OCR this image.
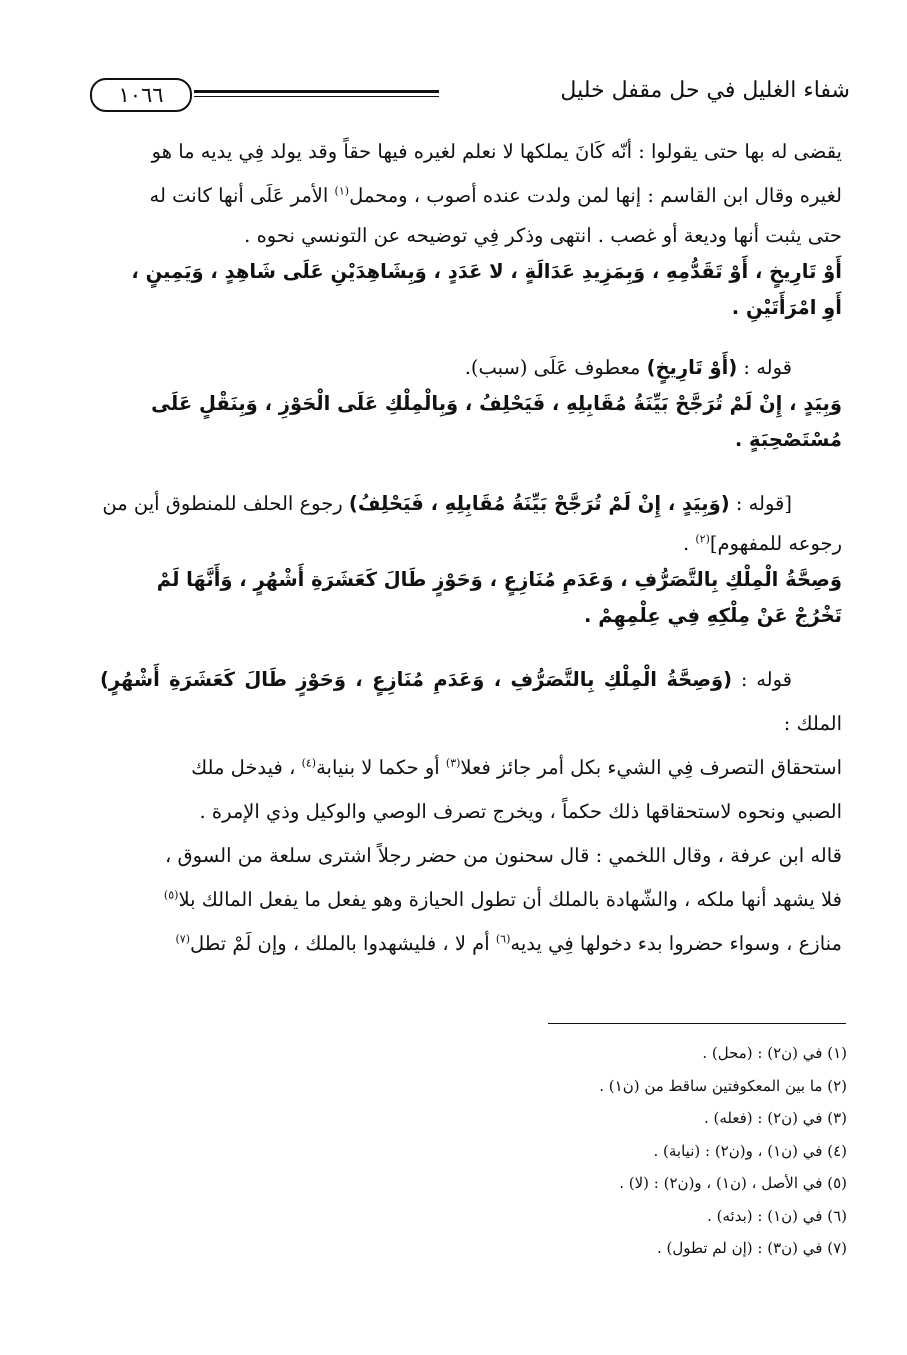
١٠٦٦	شفاء الغليل في حل مقفل خليل

يقضى له بها حتى يقولوا : أنّه كَانَ يملكها لا نعلم لغيره فيها حقاً وقد يولد فِي يديه ما هو

لغيره وقال ابن القاسم : إنها لمن ولدت عنده أصوب ، ومحمل$^{(١)}$ الأمر عَلَى أنها كانت له

حتى يثبت أنها وديعة أو غصب . انتهى وذكر فِي توضيحه عن التونسي نحوه .

أَوْ تَارِيخٍ ، أَوْ تَقَدُّمِهِ ، وَبِمَزِيدِ عَدَالَةٍ ، لا عَدَدٍ ، وَبِشَاهِدَيْنِ عَلَى شَاهِدٍ ، وَيَمِينٍ ،

أَوِ امْرَأَتَيْنِ .

قوله : (أَوْ تَارِيخٍ) معطوف عَلَى (سبب).

وَبِيَدٍ ، إِنْ لَمْ تُرَجَّحْ بَيِّنَةُ مُقَابِلِهِ ، فَيَحْلِفُ ، وَبِالْمِلْكِ عَلَى الْحَوْزِ ، وَبِنَقْلٍ عَلَى

مُسْتَصْحِبَةٍ .

[قوله : (وَبِيَدٍ ، إِنْ لَمْ تُرَجَّحْ بَيِّنَةُ مُقَابِلِهِ ، فَيَحْلِفُ) رجوع الحلف للمنطوق أين من

رجوعه للمفهوم]$^{(٢)}$ .

وَصِحَّةُ الْمِلْكِ بِالتَّصَرُّفِ ، وَعَدَمِ مُنَازِعٍ ، وَحَوْزٍ طَالَ كَعَشَرَةِ أَشْهُرٍ ، وَأَنَّهَا لَمْ

تَخْرُجْ عَنْ مِلْكِهِ فِي عِلْمِهِمْ .

قوله : (وَصِحَّةُ الْمِلْكِ بِالتَّصَرُّفِ ، وَعَدَمِ مُنَازِعٍ ، وَحَوْزٍ طَالَ كَعَشَرَةِ أَشْهُرٍ) الملك :

استحقاق التصرف فِي الشيء بكل أمر جائز فعلا$^{(٣)}$ أو حكما لا بنيابة$^{(٤)}$ ، فيدخل ملك

الصبي ونحوه لاستحقاقها ذلك حكماً ، ويخرج تصرف الوصي والوكيل وذي الإمرة .

قاله ابن عرفة ، وقال اللخمي : قال سحنون من حضر رجلاً اشترى سلعة من السوق ،

فلا يشهد أنها ملكه ، والشّهادة بالملك أن تطول الحيازة وهو يفعل ما يفعل المالك بلا$^{(٥)}$

منازع ، وسواء حضروا بدء دخولها فِي يديه$^{(٦)}$ أم لا ، فليشهدوا بالملك ، وإن لَمْ تطل$^{(٧)}$

(١) في (ن٢) : (محل) .

(٢) ما بين المعكوفتين ساقط من (ن١) .

(٣) في (ن٢) : (فعله) .

(٤) في (ن١) ، و(ن٢) : (نيابة) .

(٥) في الأصل ، (ن١) ، و(ن٢) : (لا) .

(٦) في (ن١) : (بدئه) .

(٧) في (ن٣) : (إن لم تطول) .
